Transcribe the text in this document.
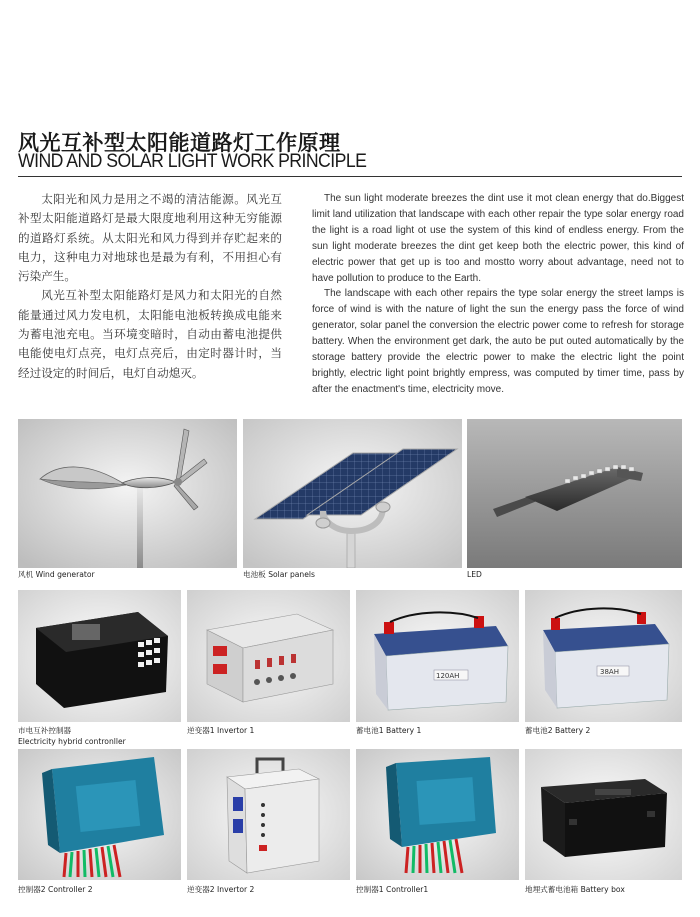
风光互补型太阳能道路灯工作原理
WIND AND SOLAR LIGHT WORK PRINCIPLE

太阳光和风力是用之不竭的清洁能源。风光互补型太阳能道路灯是最大限度地利用这种无穷能源的道路灯系统。从太阳光和风力得到并存贮起来的电力，这种电力对地球也是最为有利，不用担心有污染产生。

风光互补型太阳能路灯是风力和太阳光的自然能量通过风力发电机，太阳能电池板转换成电能来为蓄电池充电。当环境变暗时，自动由蓄电池提供电能使电灯点亮，电灯点亮后，由定时器计时，当经过设定的时间后，电灯自动熄灭。

The sun light moderate breezes the dint use it mot clean energy that do.Biggest limit land utilization that landscape with each other repair the type solar energy road the light is a road light ot use the system of this kind of endless energy. From the sun light moderate breezes the dint get keep both the electric power, this kind of electric power that get up is too and mostto worry about advantage, need not to have pollution to produce to the Earth.

The landscape with each other repairs the type solar energy the street lamps is force of wind is with the nature of light the sun the energy pass the force of wind generator, solar panel the conversion the electric power come to refresh for storage battery. When the environment get dark, the auto be put outed automatically by the storage battery provide the electric power to make the electric light the point brightly, electric light point brightly empress, was computed by timer time, pass by after the enactment's time, electricity move.

风机 Wind generator	电池板 Solar panels	LED
市电互补控制器
Electricity hybrid contronller
逆变器1 Invertor 1
120AH
蓄电池1 Battery 1
38AH
蓄电池2 Battery 2
控制器2 Controller 2	逆变器2 Invertor 2	控制器1 Controller1	地埋式蓄电池箱 Battery box
